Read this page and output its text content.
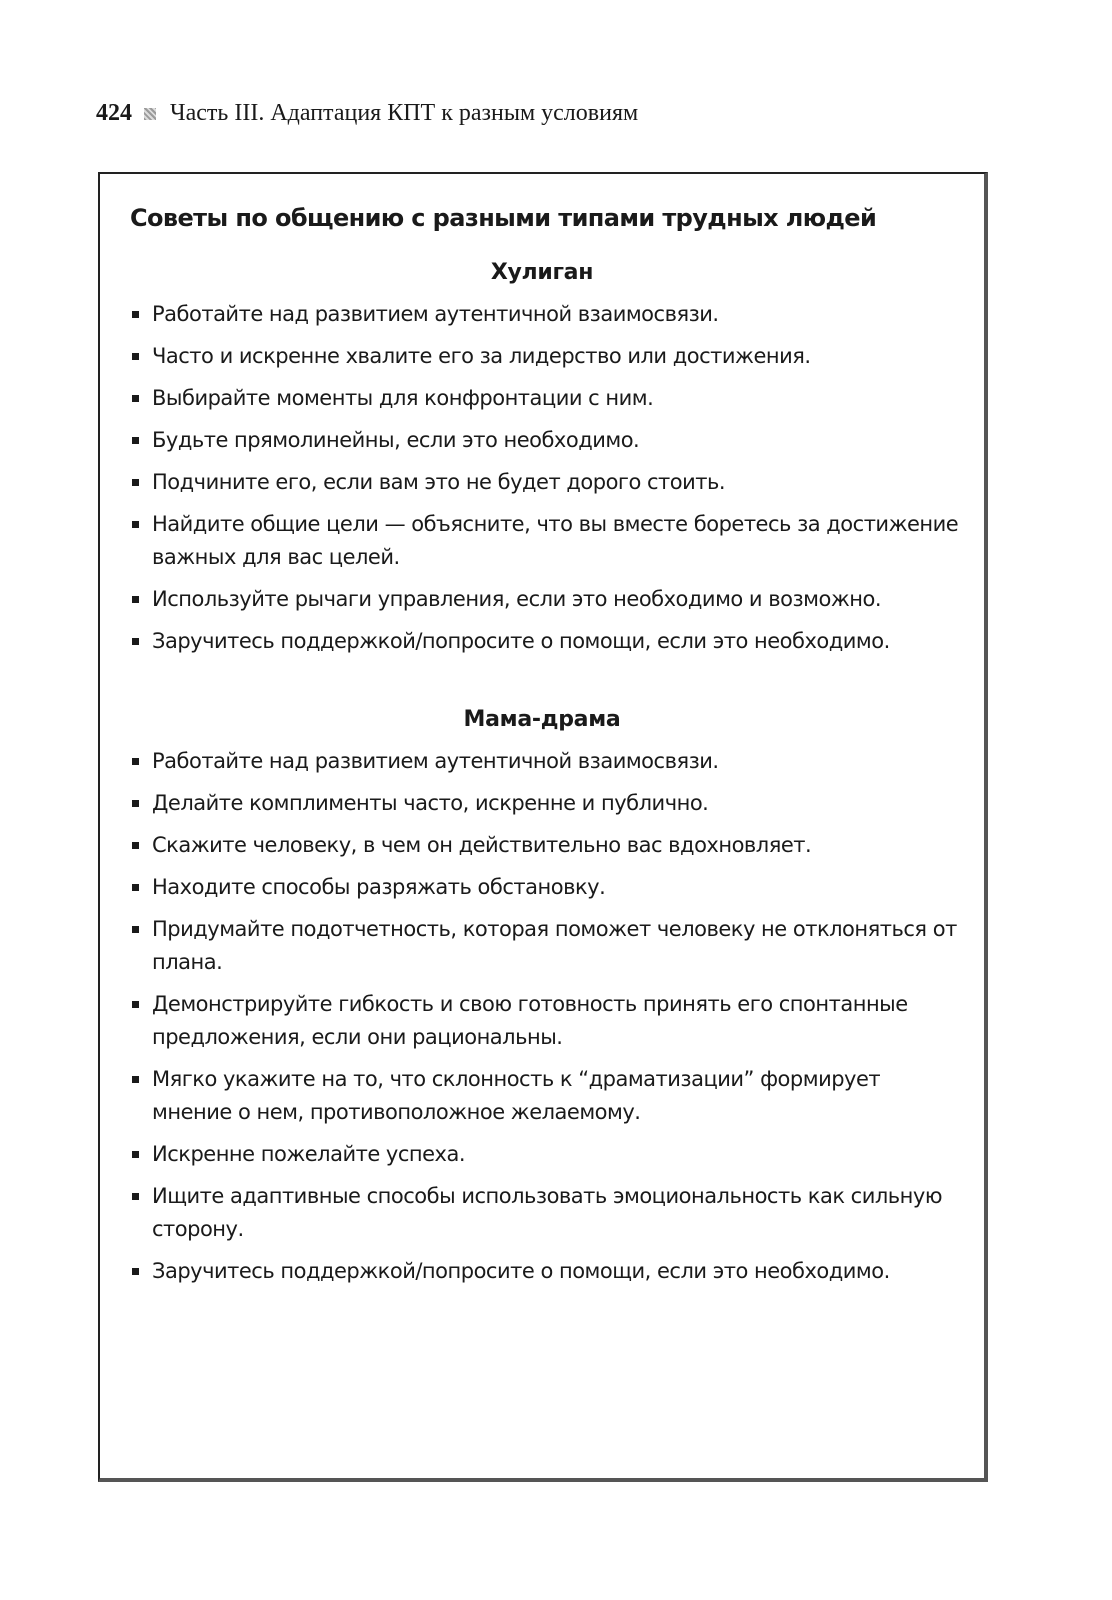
424 Часть III. Адаптация КПТ к разным условиям
Советы по общению с разными типами трудных людей
Хулиган
Работайте над развитием аутентичной взаимосвязи.
Часто и искренне хвалите его за лидерство или достижения.
Выбирайте моменты для конфронтации с ним.
Будьте прямолинейны, если это необходимо.
Подчините его, если вам это не будет дорого стоить.
Найдите общие цели — объясните, что вы вместе боретесь за достижение важных для вас целей.
Используйте рычаги управления, если это необходимо и возможно.
Заручитесь поддержкой/попросите о помощи, если это необходимо.
Мама-драма
Работайте над развитием аутентичной взаимосвязи.
Делайте комплименты часто, искренне и публично.
Скажите человеку, в чем он действительно вас вдохновляет.
Находите способы разряжать обстановку.
Придумайте подотчетность, которая поможет человеку не отклоняться от плана.
Демонстрируйте гибкость и свою готовность принять его спонтанные предложения, если они рациональны.
Мягко укажите на то, что склонность к “драматизации” формирует мнение о нем, противоположное желаемому.
Искренне пожелайте успеха.
Ищите адаптивные способы использовать эмоциональность как сильную сторону.
Заручитесь поддержкой/попросите о помощи, если это необходимо.
